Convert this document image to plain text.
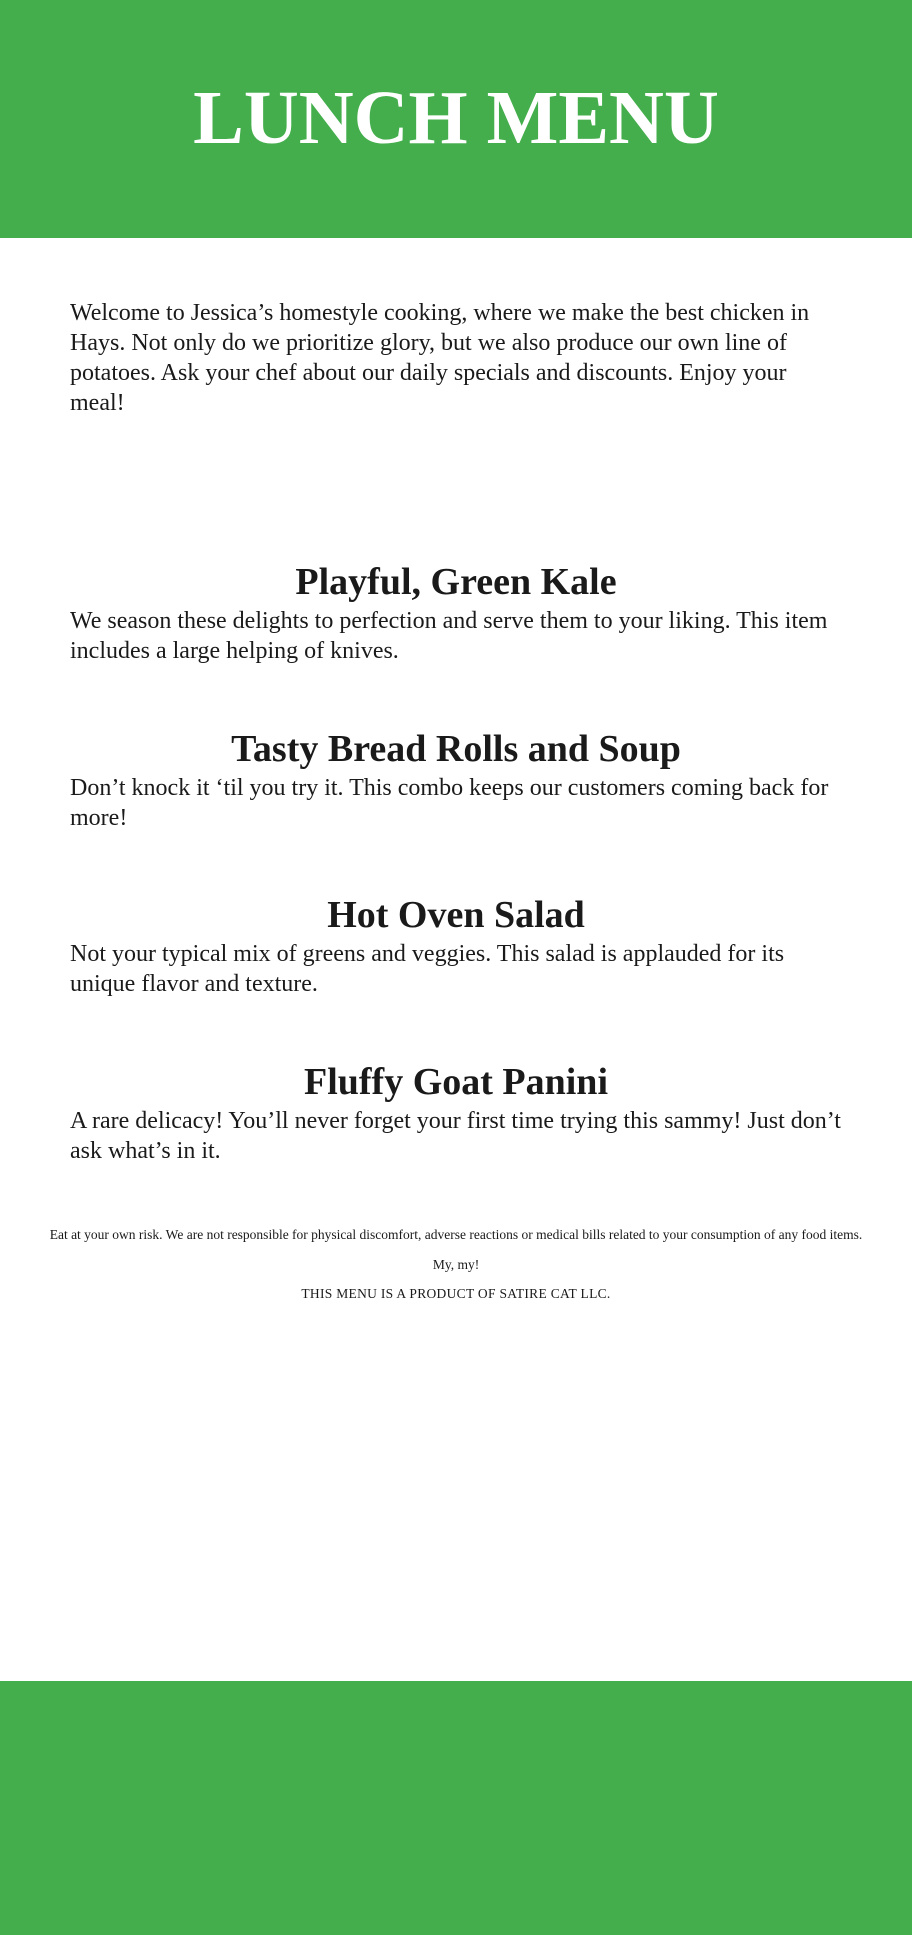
LUNCH MENU

Welcome to Jessica’s homestyle cooking, where we make the best chicken in Hays. Not only do we prioritize glory, but we also produce our own line of potatoes. Ask your chef about our daily specials and discounts. Enjoy your meal!

Playful, Green Kale

We season these delights to perfection and serve them to your liking. This item includes a large helping of knives.

Tasty Bread Rolls and Soup

Don’t knock it ‘til you try it. This combo keeps our customers coming back for more!

Hot Oven Salad

Not your typical mix of greens and veggies. This salad is applauded for its unique flavor and texture.

Fluffy Goat Panini

A rare delicacy! You’ll never forget your first time trying this sammy! Just don’t ask what’s in it.

Eat at your own risk. We are not responsible for physical discomfort, adverse reactions or medical bills related to your consumption of any food items.

My, my!

THIS MENU IS A PRODUCT OF SATIRE CAT LLC.
